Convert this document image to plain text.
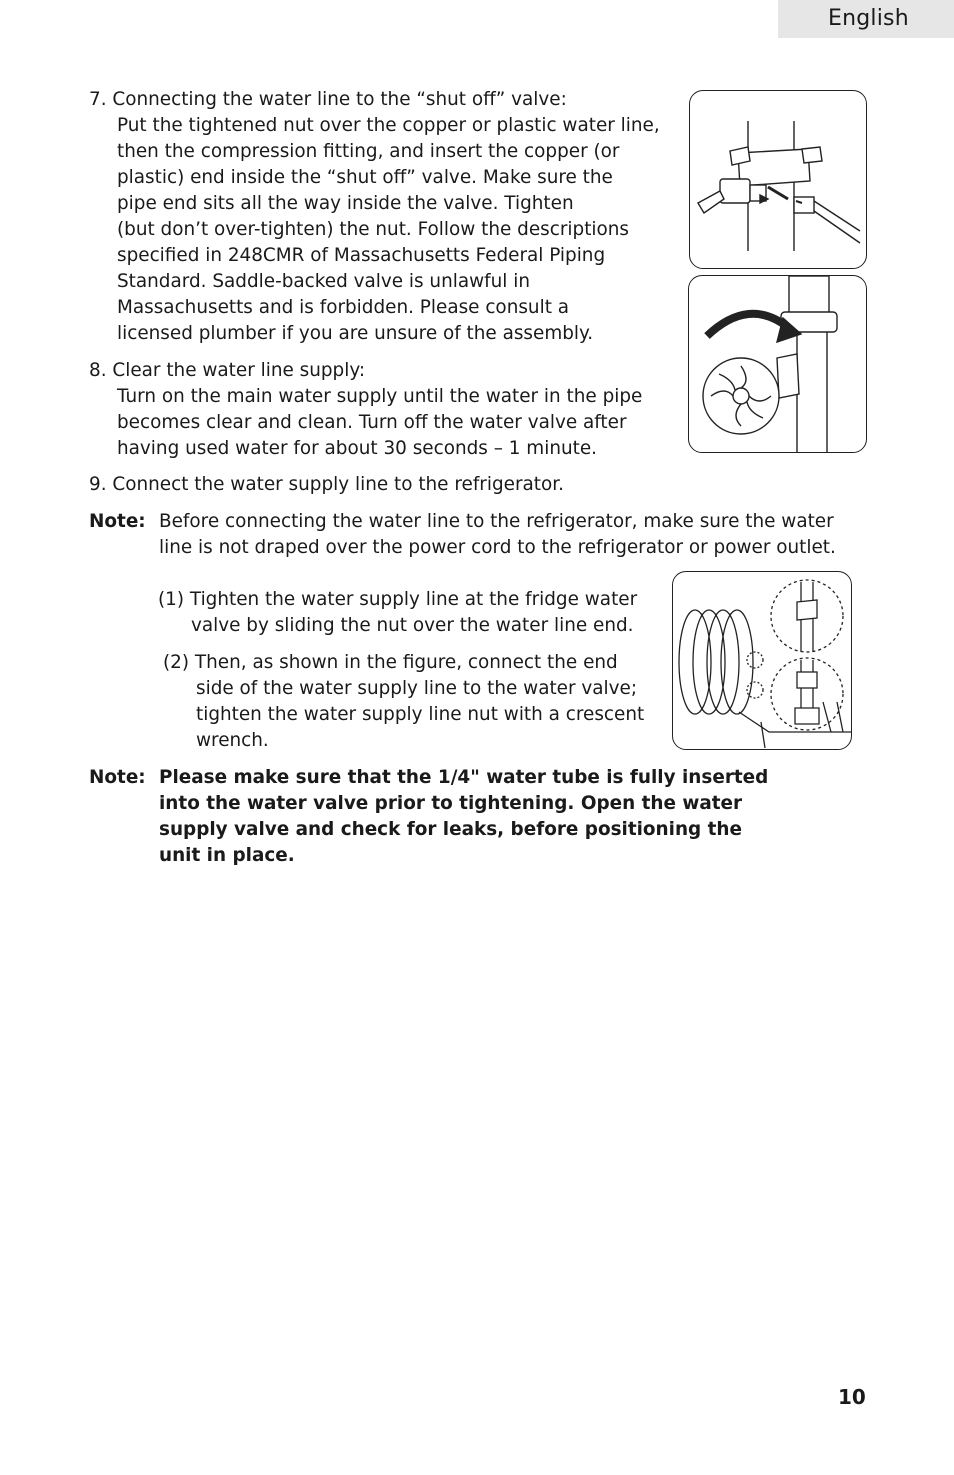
English
7. Connecting the water line to the “shut off” valve:
Put the tightened nut over the copper or plastic water line,
then the compression fitting, and insert the copper (or
plastic) end inside the “shut off” valve. Make sure the
pipe end sits all the way inside the valve. Tighten
(but don’t over-tighten) the nut. Follow the descriptions
specified in 248CMR of Massachusetts Federal Piping
Standard. Saddle-backed valve is unlawful in
Massachusetts and is forbidden. Please consult a
licensed plumber if you are unsure of the assembly.
8. Clear the water line supply:
Turn on the main water supply until the water in the pipe
becomes clear and clean. Turn off the water valve after
having used water for about 30 seconds – 1 minute.
9. Connect the water supply line to the refrigerator.
Note: Before connecting the water line to the refrigerator, make sure the water
line is not draped over the power cord to the refrigerator or power outlet.
(1) Tighten the water supply line at the fridge water
valve by sliding the nut over the water line end.
(2) Then, as shown in the figure, connect the end
side of the water supply line to the water valve;
tighten the water supply line nut with a crescent
wrench.
Note: Please make sure that the 1/4" water tube is fully inserted
into the water valve prior to tightening. Open the water
supply valve and check for leaks, before positioning the
unit in place.
10
